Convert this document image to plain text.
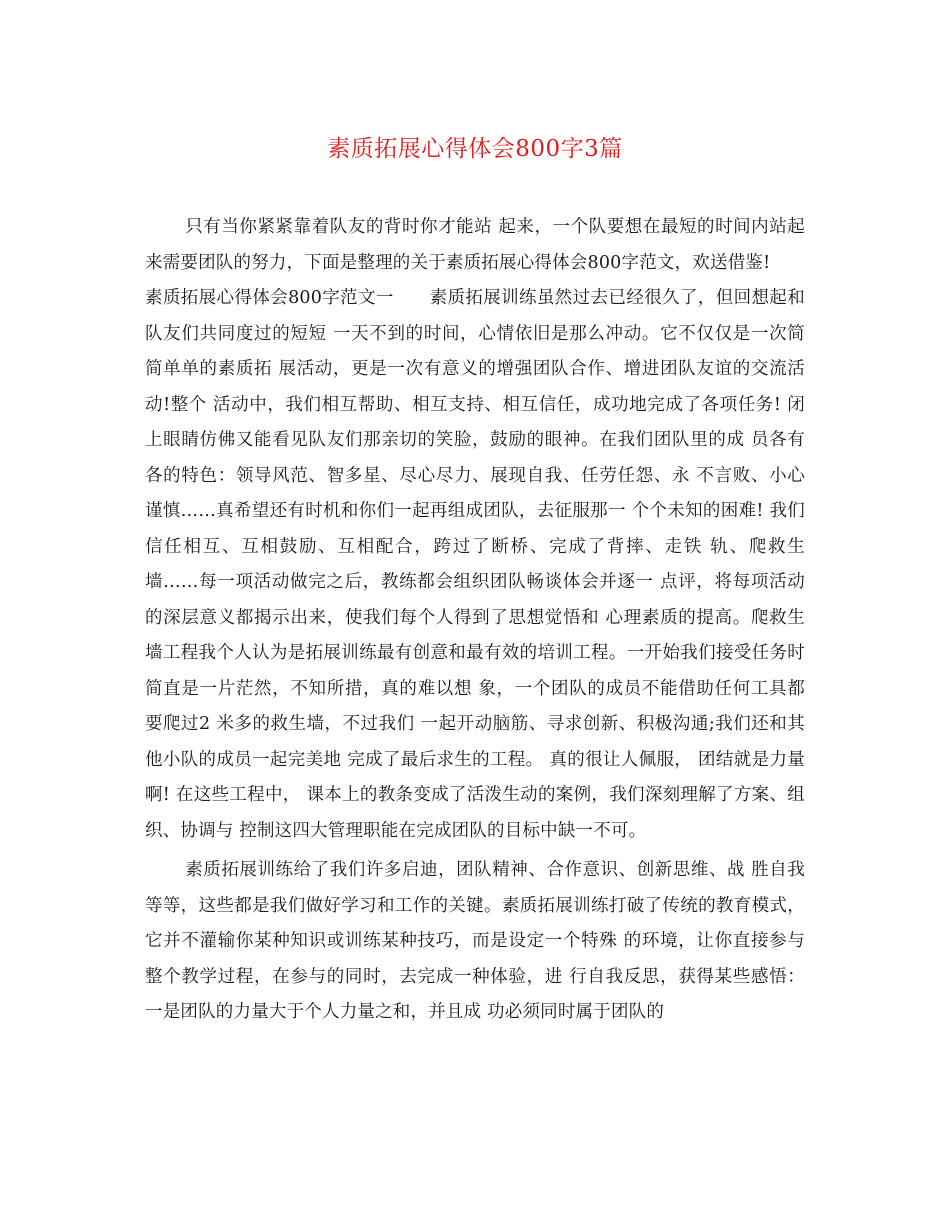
素质拓展心得体会800字3篇

只有当你紧紧靠着队友的背时你才能站 起来，一个队要想在最短的时间内站起来需要团队的努力，下面是整理的关于素质拓展心得体会800字范文，欢送借鉴!

素质拓展心得体会800字范文一　　素质拓展训练虽然过去已经很久了，但回想起和队友们共同度过的短短 一天不到的时间，心情依旧是那么冲动。它不仅仅是一次简简单单的素质拓 展活动，更是一次有意义的增强团队合作、增进团队友谊的交流活动!整个 活动中，我们相互帮助、相互支持、相互信任，成功地完成了各项任务! 闭 上眼睛仿佛又能看见队友们那亲切的笑脸，鼓励的眼神。在我们团队里的成 员各有各的特色：领导风范、智多星、尽心尽力、展现自我、任劳任怨、永 不言败、小心谨慎……真希望还有时机和你们一起再组成团队，去征服那一 个个未知的困难! 我们信任相互、互相鼓励、互相配合，跨过了断桥、完成了背摔、走铁 轨、爬救生墙……每一项活动做完之后，教练都会组织团队畅谈体会并逐一 点评，将每项活动的深层意义都揭示出来，使我们每个人得到了思想觉悟和 心理素质的提高。爬救生墙工程我个人认为是拓展训练最有创意和最有效的培训工程。一开始我们接受任务时简直是一片茫然，不知所措，真的难以想 象，一个团队的成员不能借助任何工具都要爬过2 米多的救生墙，不过我们 一起开动脑筋、寻求创新、积极沟通;我们还和其他小队的成员一起完美地 完成了最后求生的工程。 真的很让人佩服， 团结就是力量啊! 在这些工程中， 课本上的教条变成了活泼生动的案例，我们深刻理解了方案、组织、协调与 控制这四大管理职能在完成团队的目标中缺一不可。

素质拓展训练给了我们许多启迪，团队精神、合作意识、创新思维、战 胜自我等等，这些都是我们做好学习和工作的关键。素质拓展训练打破了传统的教育模式，它并不灌输你某种知识或训练某种技巧，而是设定一个特殊 的环境，让你直接参与整个教学过程，在参与的同时，去完成一种体验，进 行自我反思，获得某些感悟： 一是团队的力量大于个人力量之和，并且成 功必须同时属于团队的
